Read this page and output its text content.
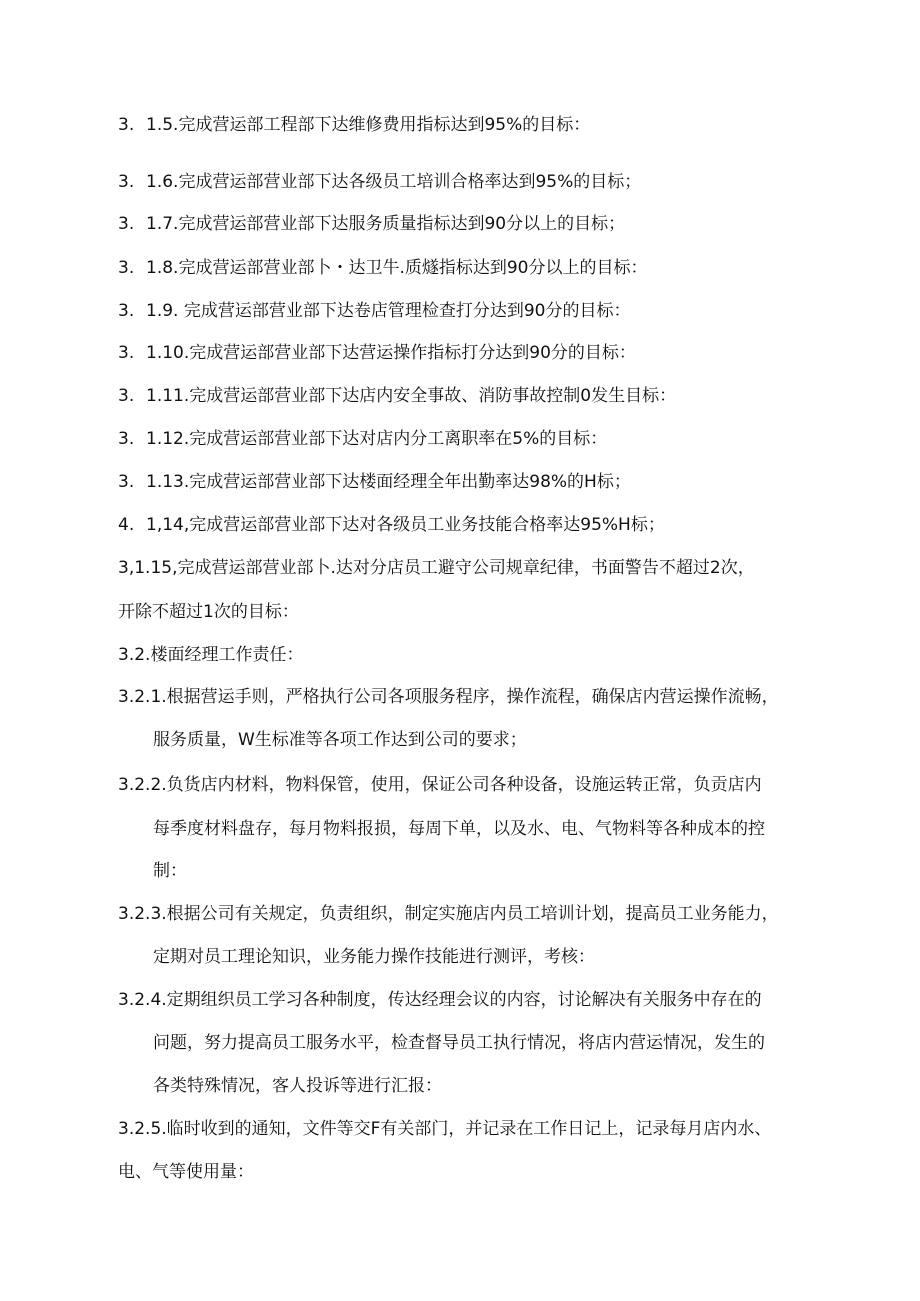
3. 1.5.完成营运部工程部下达维修费用指标达到95%的目标：
3. 1.6.完成营运部营业部下达各级员工培训合格率达到95%的目标；
3. 1.7.完成营运部营业部下达服务质量指标达到90分以上的目标；
3. 1.8.完成营运部营业部卜・达卫牛.质燧指标达到90分以上的目标：
3. 1.9. 完成营运部营业部下达卷店管理检查打分达到90分的目标：
3. 1.10.完成营运部营业部下达营运操作指标打分达到90分的目标：
3. 1.11.完成营运部营业部下达店内安全事故、消防事故控制0发生目标：
3. 1.12.完成营运部营业部下达对店内分工离职率在5%的目标：
3. 1.13.完成营运部营业部下达楼面经理全年出勤率达98%的H标；
4. 1,14,完成营运部营业部下达对各级员工业务技能合格率达95%H标；
3,1.15,完成营运部营业部卜.达对分店员工避守公司规章纪律，书面警告不超过2次，
开除不超过1次的目标：
3.2.楼面经理工作责任：
3.2.1.根据营运手则，严格执行公司各项服务程序，操作流程，确保店内营运操作流畅，
服务质量，W生标准等各项工作达到公司的要求；
3.2.2.负货店内材料，物料保管，使用，保证公司各种设备，设施运转正常，负贡店内
每季度材料盘存，每月物料报损，每周下单，以及水、电、气物料等各种成本的控
制：
3.2.3.根据公司有关规定，负责组织，制定实施店内员工培训计划，提高员工业务能力，
定期对员工理论知识，业务能力操作技能进行测评，考核：
3.2.4.定期组织员工学习各种制度，传达经理会议的内容，讨论解决有关服务中存在的
问题，努力提高员工服务水平，检查督导员工执行情况，将店内营运情况，发生的
各类特殊情况，客人投诉等进行汇报：
3.2.5.临时收到的通知，文件等交F有关部门，并记录在工作日记上，记录每月店内水、
电、气等使用量：
